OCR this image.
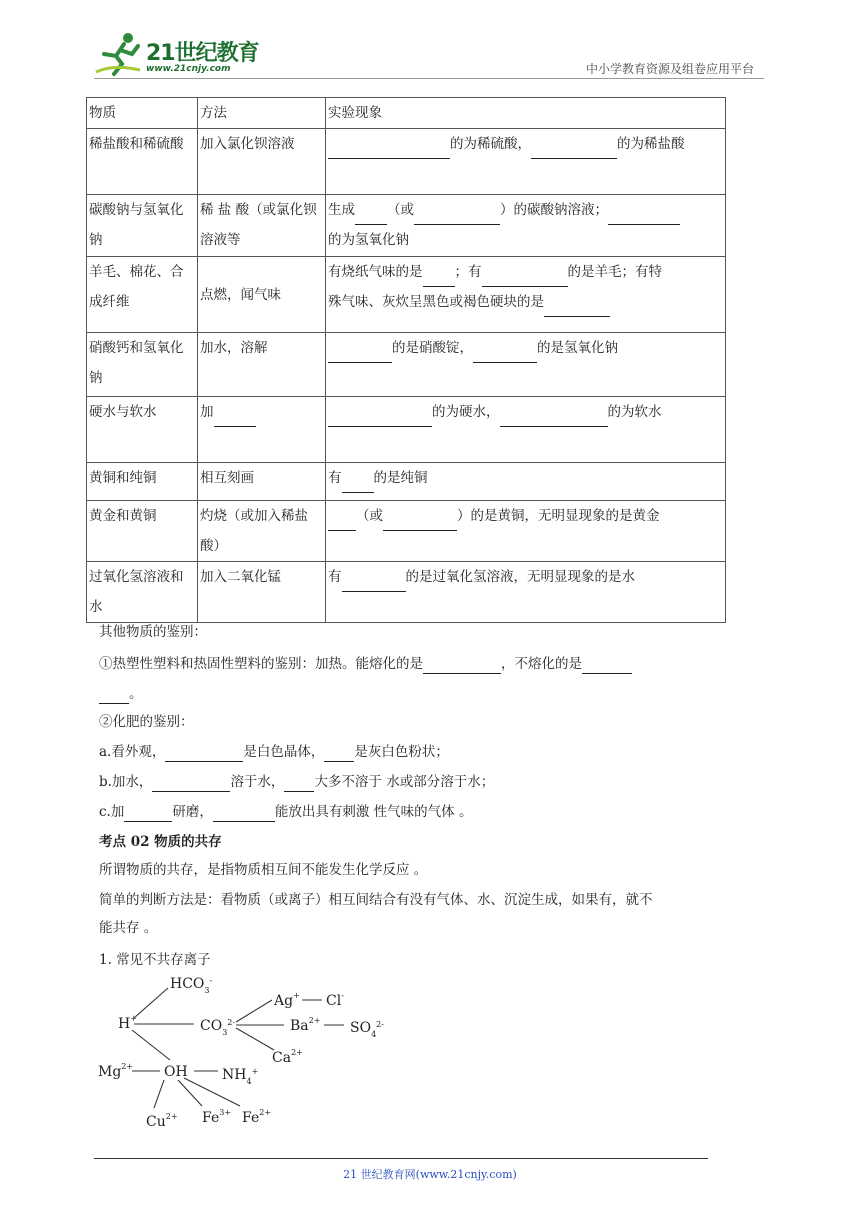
21世纪教育
www.21cnjy.com	中小学教育资源及组卷应用平台
物质	方法	实验现象
稀盐酸和稀硫酸	加入氯化钡溶液	的为稀硫酸， 的为稀盐酸
碳酸钠与氢氧化钠	稀 盐 酸（或氯化钡溶液等	生成 （或 ）的碳酸钠溶液；
的为氢氧化钠
羊毛、棉花、合成纤维	点燃，闻气味	有烧纸气味的是 ；有 的是羊毛；有特
殊气味、灰炊呈黑色或褐色硬块的是
硝酸钙和氢氧化钠	加水，溶解	的是硝酸锭， 的是氢氧化钠
硬水与软水	加	的为硬水， 的为软水
黄铜和纯铜	相互刻画	有 的是纯铜
黄金和黄铜	灼烧（或加入稀盐酸）	（或 ）的是黄铜，无明显现象的是黄金
过氧化氢溶液和水	加入二氧化锰	有 的是过氧化氢溶液，无明显现象的是水
其他物质的鉴别：
①热塑性塑料和热固性塑料的鉴别：加热。能熔化的是	，不熔化的是
。
②化肥的鉴别：
a.看外观，	是白色晶体， 是灰白色粉状；
b.加水，	溶于水， 大多不溶于 水或部分溶于水；
c.加	研磨，	能放出具有刺激 性气味的气体 。
考点 02 物质的共存
所谓物质的共存，是指物质相互间不能发生化学反应 。
简单的判断方法是：看物质（或离子）相互间结合有没有气体、水、沉淀生成，如果有，就不
能共存 。
1. 常见不共存离子
$HCO_3^-$
H+	$CO_3^{2-}$
Ag+ Cl-
$Ba^{2+}$ $SO_4^{2-}$
$Ca^{2+}$
$Mg^{2+}$ OH $NH_4^+$
$Cu^{2+}$ $Fe^{3+}$ $Fe^{2+}$
21 世纪教育网(www.21cnjy.com)
